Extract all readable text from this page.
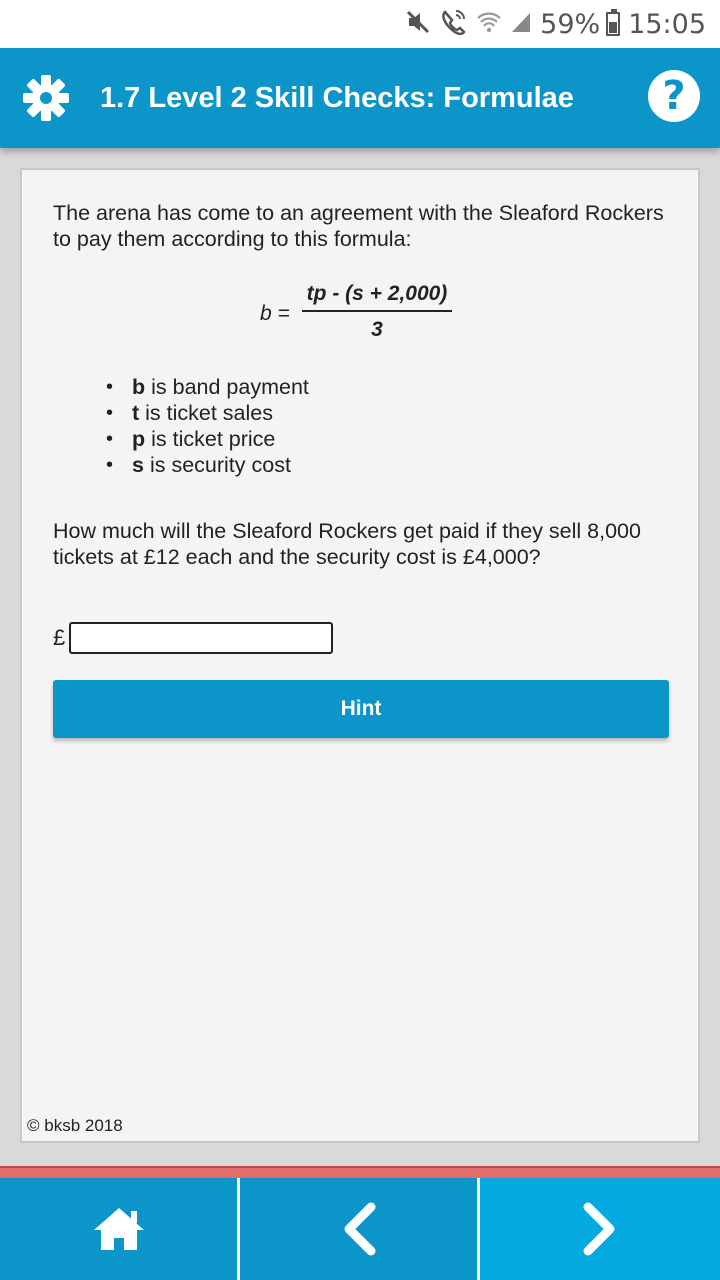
59% 15:05
1.7 Level 2 Skill Checks: Formulae ?

The arena has come to an agreement with the Sleaford Rockers to pay them according to this formula:

$b = \frac{tp - (s + 2,000)}{3}$
• b is band payment
• t is ticket sales
• p is ticket price
• s is security cost

How much will the Sleaford Rockers get paid if they sell 8,000 tickets at £12 each and the security cost is £4,000?

£
Hint
© bksb 2018
